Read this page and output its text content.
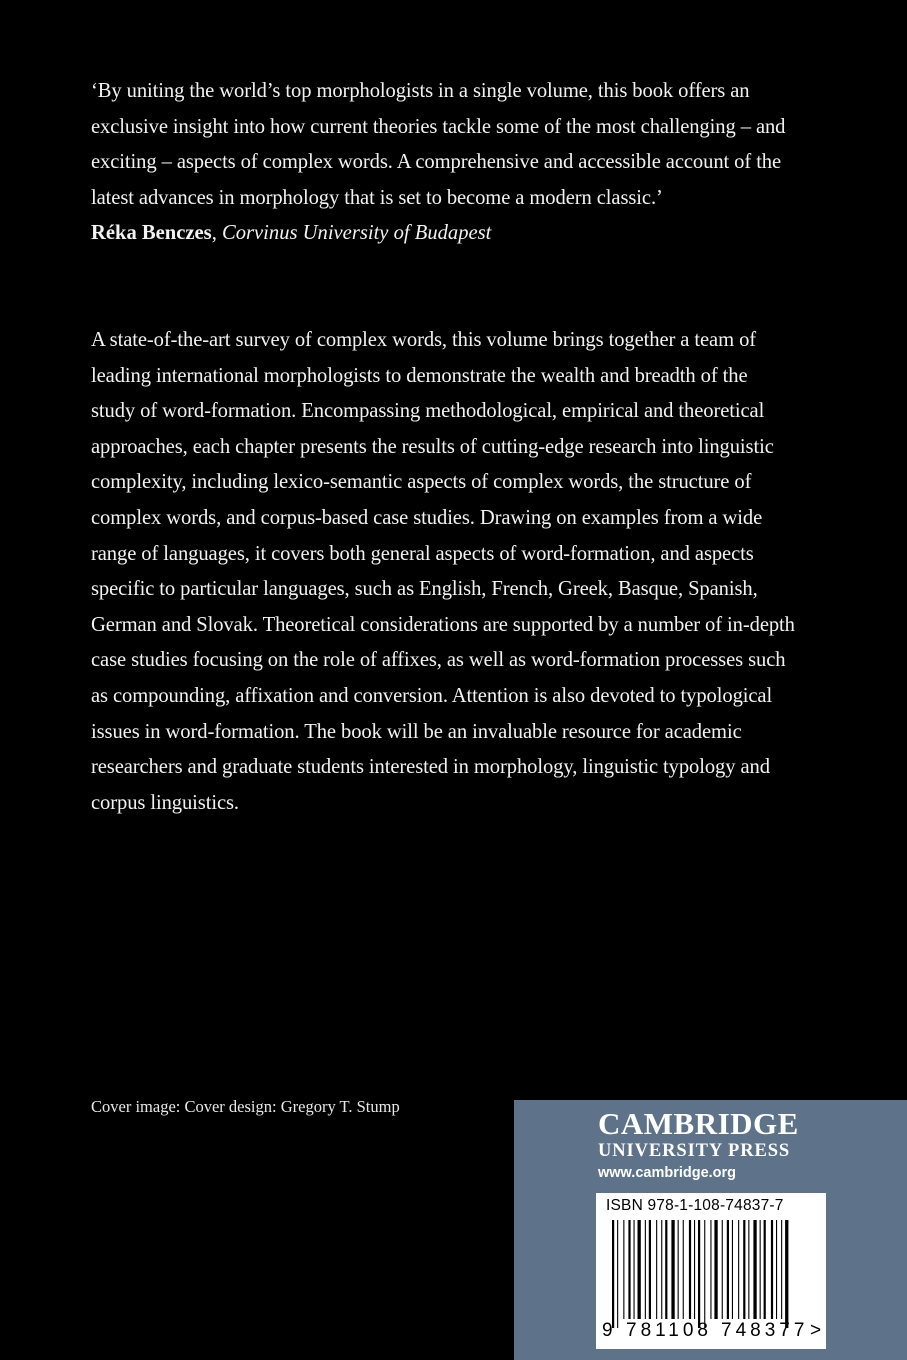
‘By uniting the world’s top morphologists in a single volume, this book offers an exclusive insight into how current theories tackle some of the most challenging – and exciting – aspects of complex words. A comprehensive and accessible account of the latest advances in morphology that is set to become a modern classic.’

Réka Benczes, Corvinus University of Budapest

A state-of-the-art survey of complex words, this volume brings together a team of leading international morphologists to demonstrate the wealth and breadth of the study of word-formation. Encompassing methodological, empirical and theoretical approaches, each chapter presents the results of cutting-edge research into linguistic complexity, including lexico-semantic aspects of complex words, the structure of complex words, and corpus-based case studies. Drawing on examples from a wide range of languages, it covers both general aspects of word-formation, and aspects specific to particular languages, such as English, French, Greek, Basque, Spanish, German and Slovak. Theoretical considerations are supported by a number of in-depth case studies focusing on the role of affixes, as well as word-formation processes such as compounding, affixation and conversion. Attention is also devoted to typological issues in word-formation. The book will be an invaluable resource for academic researchers and graduate students interested in morphology, linguistic typology and corpus linguistics.

Cover image: Cover design: Gregory T. Stump	CAMBRIDGE
UNIVERSITY PRESS
www.cambridge.org
ISBN 978-1-108-74837-7
9 781108 748377 >
